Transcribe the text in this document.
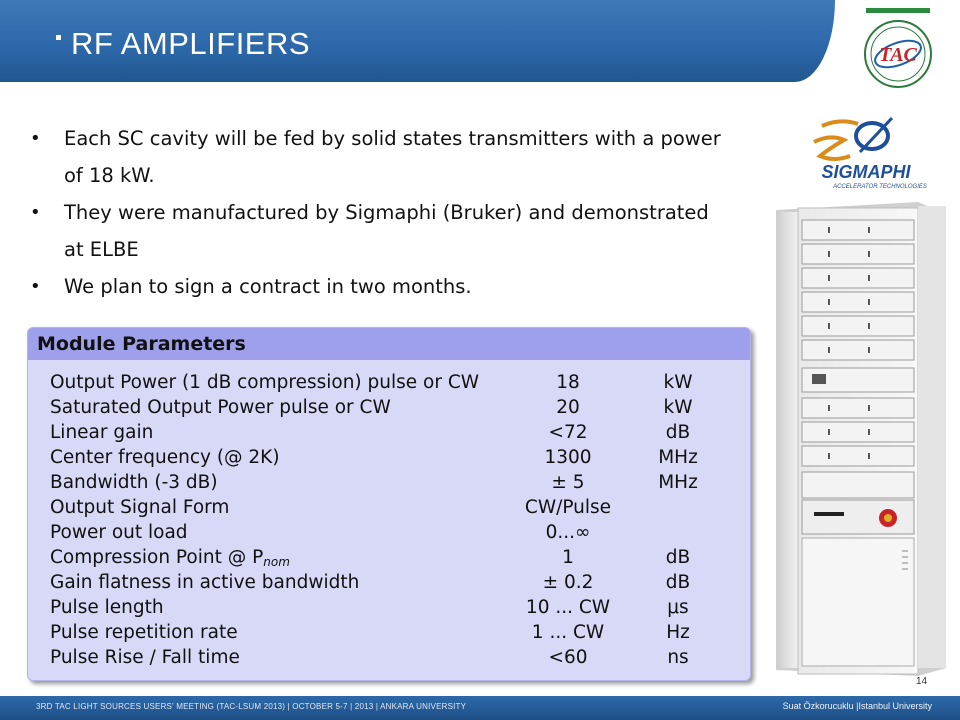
RF AMPLIFIERS	TAC
• Each SC cavity will be fed by solid states transmitters with a power of 18 kW.
• They were manufactured by Sigmaphi (Bruker) and demonstrated at ELBE
• We plan to sign a contract in two months.
Module Parameters
Output Power (1 dB compression) pulse or CW	18	kW
Saturated Output Power pulse or CW	20	kW
Linear gain	<72	dB
Center frequency (@ 2K)	1300	MHz
Bandwidth (-3 dB)	± 5	MHz
Output Signal Form	CW/Pulse
Power out load	0...∞
Compression Point @ Pnom	1	dB
Gain flatness in active bandwidth	± 0.2	dB
Pulse length	10 ... CW	μs
Pulse repetition rate	1 ... CW	Hz
Pulse Rise / Fall time	<60	ns
SIGMAPHI
ACCELERATOR TECHNOLOGIES
14
3RD TAC LIGHT SOURCES USERS' MEETING (TAC-LSUM 2013) | OCTOBER 5-7 | 2013 | ANKARA UNIVERSITY	Suat Özkorucuklu |Istanbul University
